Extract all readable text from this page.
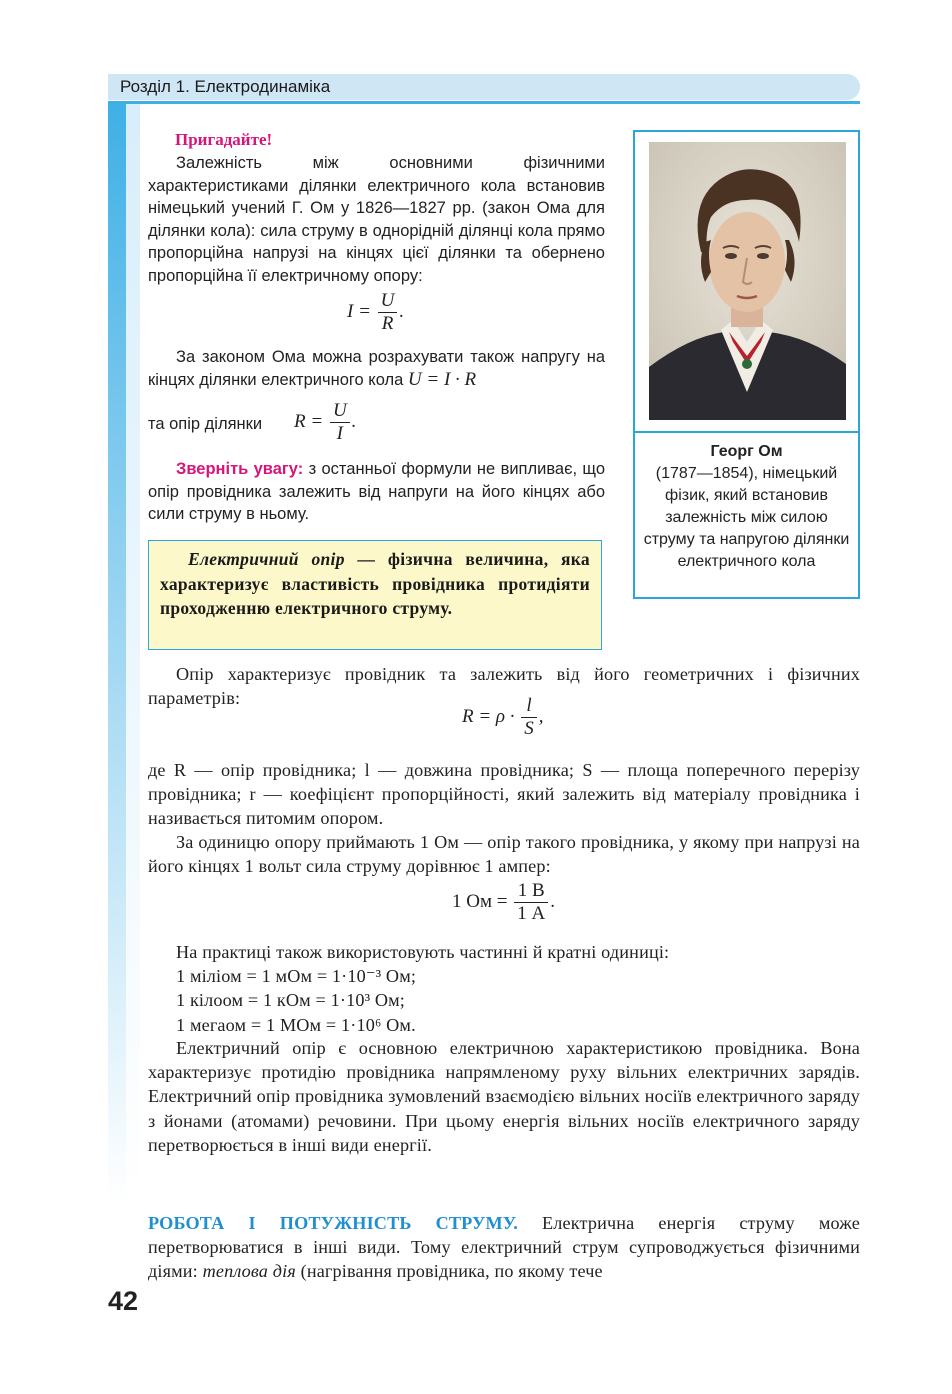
Розділ 1. Електродинаміка
Пригадайте!
Залежність між основними фізичними характеристиками ділянки електричного кола встановив німецький учений Г. Ом у 1826—1827 рр. (закон Ома для ділянки кола): сила струму в однорідній ділянці кола прямо пропорційна напрузі на кінцях цієї ділянки та обернено пропорційна її електричному опору:
$I = \frac{U}{R}$ .
За законом Ома можна розрахувати також напругу на кінцях ділянки електричного кола U = I · R
та опір ділянки $R = \frac{U}{I}$ .
Зверніть увагу: з останньої формули не випливає, що опір провідника залежить від напруги на його кінцях або сили струму в ньому.
Електричний опір — фізична величина, яка характеризує властивість провідника протидіяти проходженню електричного струму.
Георг Ом
(1787—1854), німецький фізик, який встановив залежність між силою струму та напругою ділянки електричного кола
Опір характеризує провідник та залежить від його геометричних і фізичних параметрів:
$R = \rho \cdot \frac{l}{S}$ ,
де R — опір провідника; l — довжина провідника; S — площа поперечного перерізу провідника; r — коефіцієнт пропорційності, який залежить від матеріалу провідника і називається питомим опором.
За одиницю опору приймають 1 Ом — опір такого провідника, у якому при напрузі на його кінцях 1 вольт сила струму дорівнює 1 ампер:
1 Ом = $\frac{1 В}{1 А}$ .
На практиці також використовують частинні й кратні одиниці:
1 міліом = 1 мОм = 1·10⁻³ Ом;
1 кілоом = 1 кОм = 1·10³ Ом;
1 мегаом = 1 МОм = 1·10⁶ Ом.
Електричний опір є основною електричною характеристикою провідника. Вона характеризує протидію провідника напрямленому руху вільних електричних зарядів. Електричний опір провідника зумовлений взаємодією вільних носіїв електричного заряду з йонами (атомами) речовини. При цьому енергія вільних носіїв електричного заряду перетворюється в інші види енергії.
РОБОТА І ПОТУЖНІСТЬ СТРУМУ. Електрична енергія струму може перетворюватися в інші види. Тому електричний струм супроводжується фізичними діями: теплова дія (нагрівання провідника, по якому тече
42
